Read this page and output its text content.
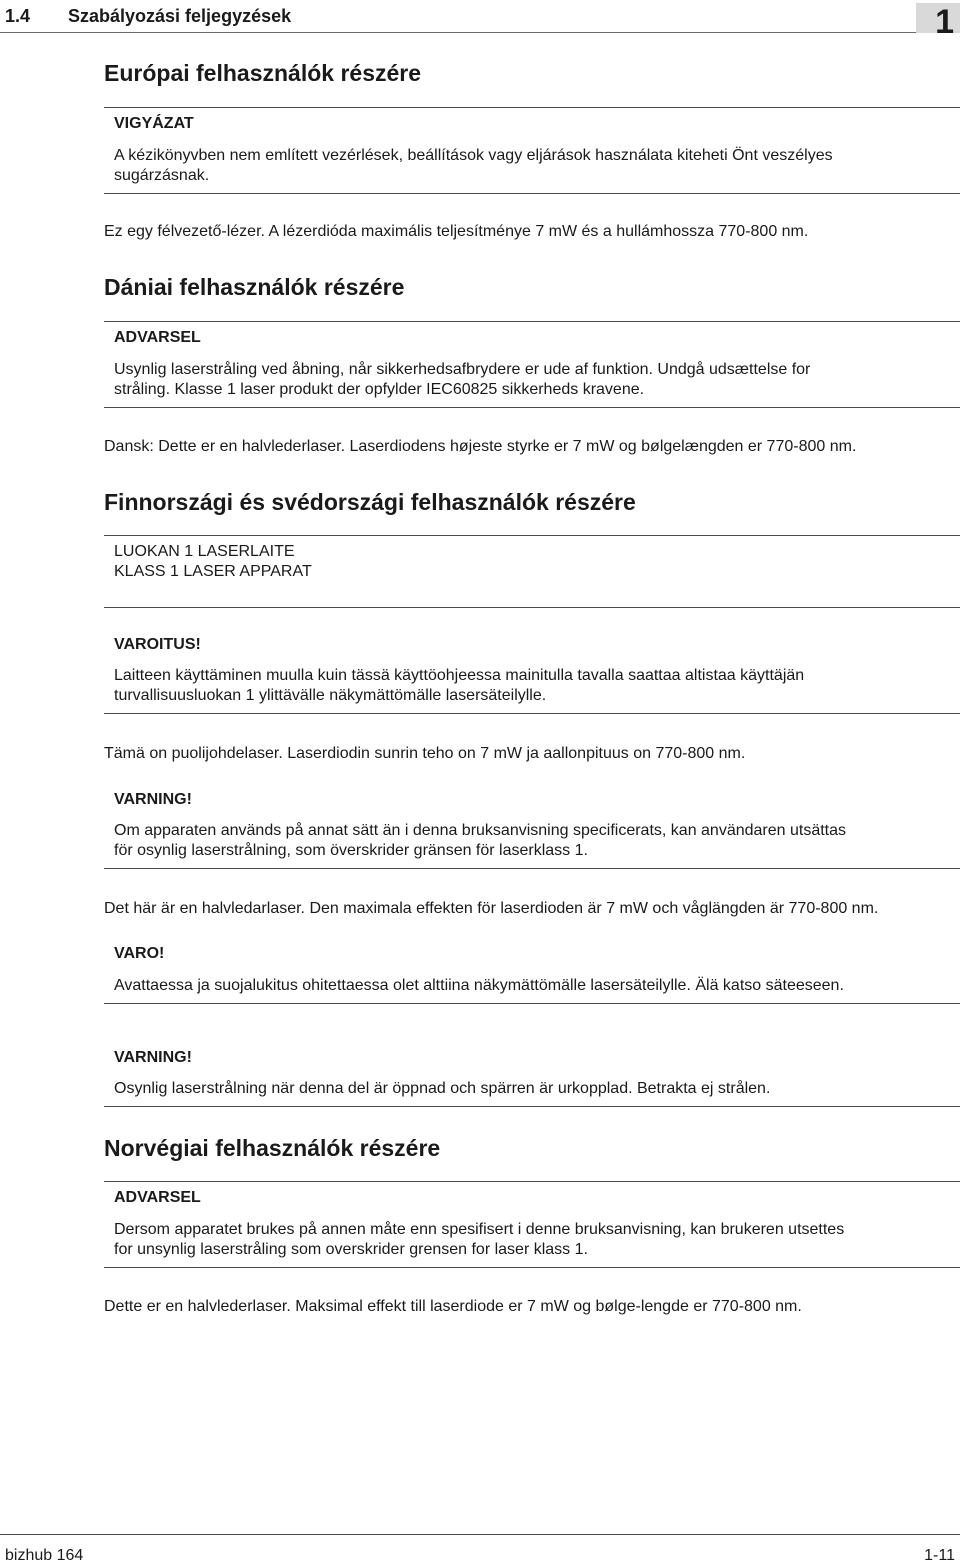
1.4 Szabályozási feljegyzések	1
Európai felhasználók részére
VIGYÁZAT
A kézikönyvben nem említett vezérlések, beállítások vagy eljárások használata kiteheti Önt veszélyes
sugárzásnak.
Ez egy félvezető-lézer. A lézerdióda maximális teljesítménye 7 mW és a hullámhossza 770-800 nm.
Dániai felhasználók részére
ADVARSEL
Usynlig laserstråling ved åbning, når sikkerhedsafbrydere er ude af funktion. Undgå udsættelse for
stråling. Klasse 1 laser produkt der opfylder IEC60825 sikkerheds kravene.
Dansk: Dette er en halvlederlaser. Laserdiodens højeste styrke er 7 mW og bølgelængden er 770-800 nm.
Finnországi és svédországi felhasználók részére
LUOKAN 1 LASERLAITE
KLASS 1 LASER APPARAT
VAROITUS!
Laitteen käyttäminen muulla kuin tässä käyttöohjeessa mainitulla tavalla saattaa altistaa käyttäjän
turvallisuusluokan 1 ylittävälle näkymättömälle lasersäteilylle.
Tämä on puolijohdelaser. Laserdiodin sunrin teho on 7 mW ja aallonpituus on 770-800 nm.
VARNING!
Om apparaten används på annat sätt än i denna bruksanvisning specificerats, kan användaren utsättas
för osynlig laserstrålning, som överskrider gränsen för laserklass 1.
Det här är en halvledarlaser. Den maximala effekten för laserdioden är 7 mW och våglängden är 770-800 nm.
VARO!
Avattaessa ja suojalukitus ohitettaessa olet alttiina näkymättömälle lasersäteilylle. Älä katso säteeseen.
VARNING!
Osynlig laserstrålning när denna del är öppnad och spärren är urkopplad. Betrakta ej strålen.
Norvégiai felhasználók részére
ADVARSEL
Dersom apparatet brukes på annen måte enn spesifisert i denne bruksanvisning, kan brukeren utsettes
for unsynlig laserstråling som overskrider grensen for laser klass 1.
Dette er en halvlederlaser. Maksimal effekt till laserdiode er 7 mW og bølge-lengde er 770-800 nm.
bizhub 164	1-11
